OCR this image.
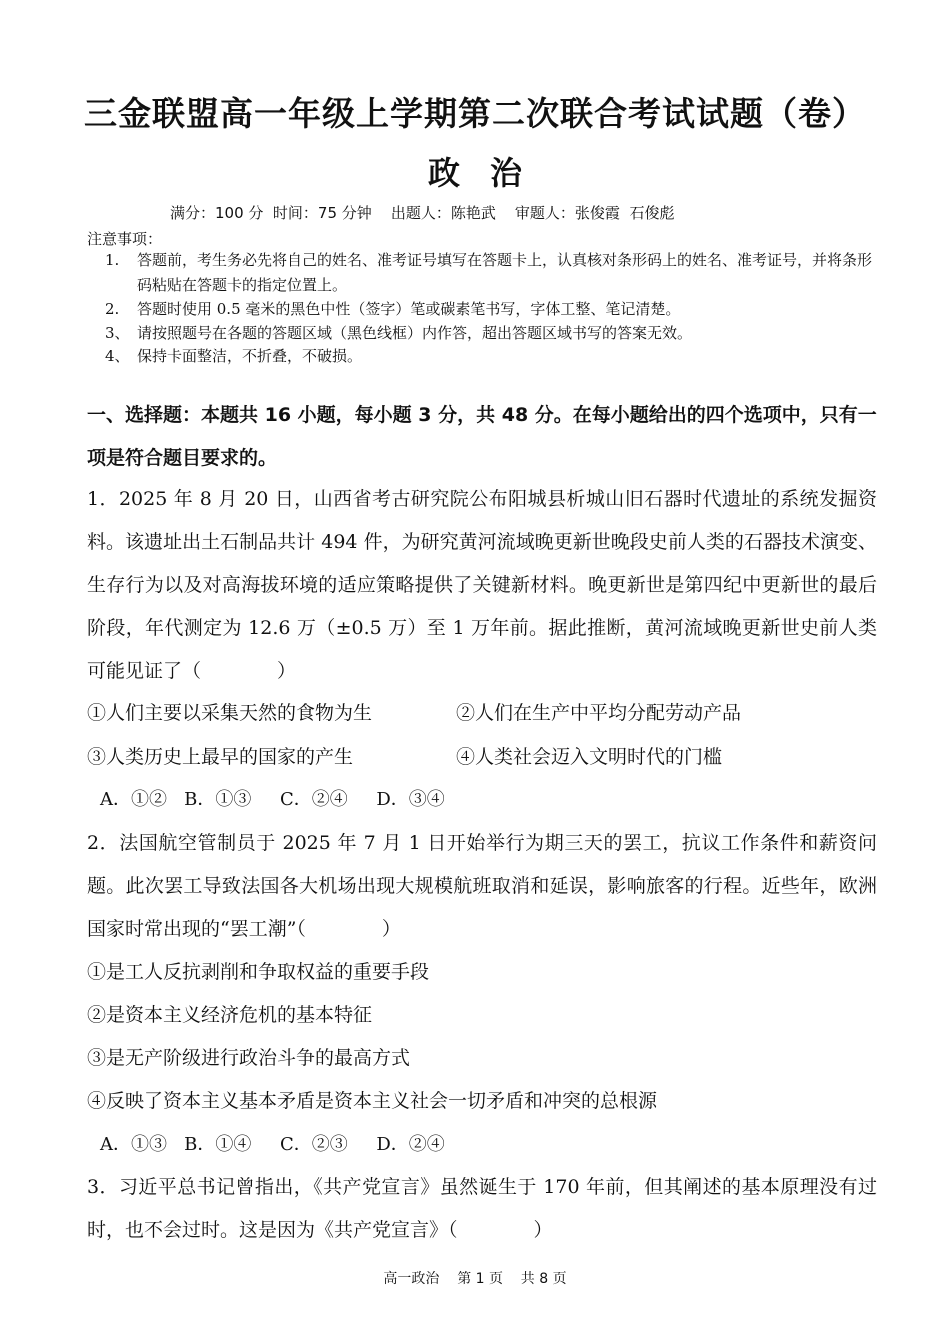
三金联盟高一年级上学期第二次联合考试试题（卷）
政治
满分：100 分  时间：75 分钟    出题人：陈艳武    审题人：张俊霞  石俊彪
注意事项：
1. 答题前，考生务必先将自己的姓名、准考证号填写在答题卡上，认真核对条形码上的姓名、准考证号，并将条形码粘贴在答题卡的指定位置上。
2. 答题时使用 0.5 毫米的黑色中性（签字）笔或碳素笔书写，字体工整、笔记清楚。
3、 请按照题号在各题的答题区域（黑色线框）内作答，超出答题区域书写的答案无效。
4、 保持卡面整洁，不折叠，不破损。
一、选择题：本题共 16 小题，每小题 3 分，共 48 分。在每小题给出的四个选项中，只有一项是符合题目要求的。
1．2025 年 8 月 20 日，山西省考古研究院公布阳城县析城山旧石器时代遗址的系统发掘资料。该遗址出土石制品共计 494 件，为研究黄河流域晚更新世晚段史前人类的石器技术演变、生存行为以及对高海拔环境的适应策略提供了关键新材料。晚更新世是第四纪中更新世的最后阶段，年代测定为 12.6 万（±0.5 万）至 1 万年前。据此推断，黄河流域晚更新世史前人类可能见证了（　　　　）
①人们主要以采集天然的食物为生	②人们在生产中平均分配劳动产品
③人类历史上最早的国家的产生	④人类社会迈入文明时代的门槛
A．①②   B．①③     C．②④     D．③④
2．法国航空管制员于 2025 年 7 月 1 日开始举行为期三天的罢工，抗议工作条件和薪资问题。此次罢工导致法国各大机场出现大规模航班取消和延误，影响旅客的行程。近些年，欧洲国家时常出现的“罢工潮”（　　　　）
①是工人反抗剥削和争取权益的重要手段
②是资本主义经济危机的基本特征
③是无产阶级进行政治斗争的最高方式
④反映了资本主义基本矛盾是资本主义社会一切矛盾和冲突的总根源
A．①③   B．①④     C．②③     D．②④
3．习近平总书记曾指出，《共产党宣言》虽然诞生于 170 年前，但其阐述的基本原理没有过时，也不会过时。这是因为《共产党宣言》（　　　　）
高一政治    第 1 页    共 8 页
